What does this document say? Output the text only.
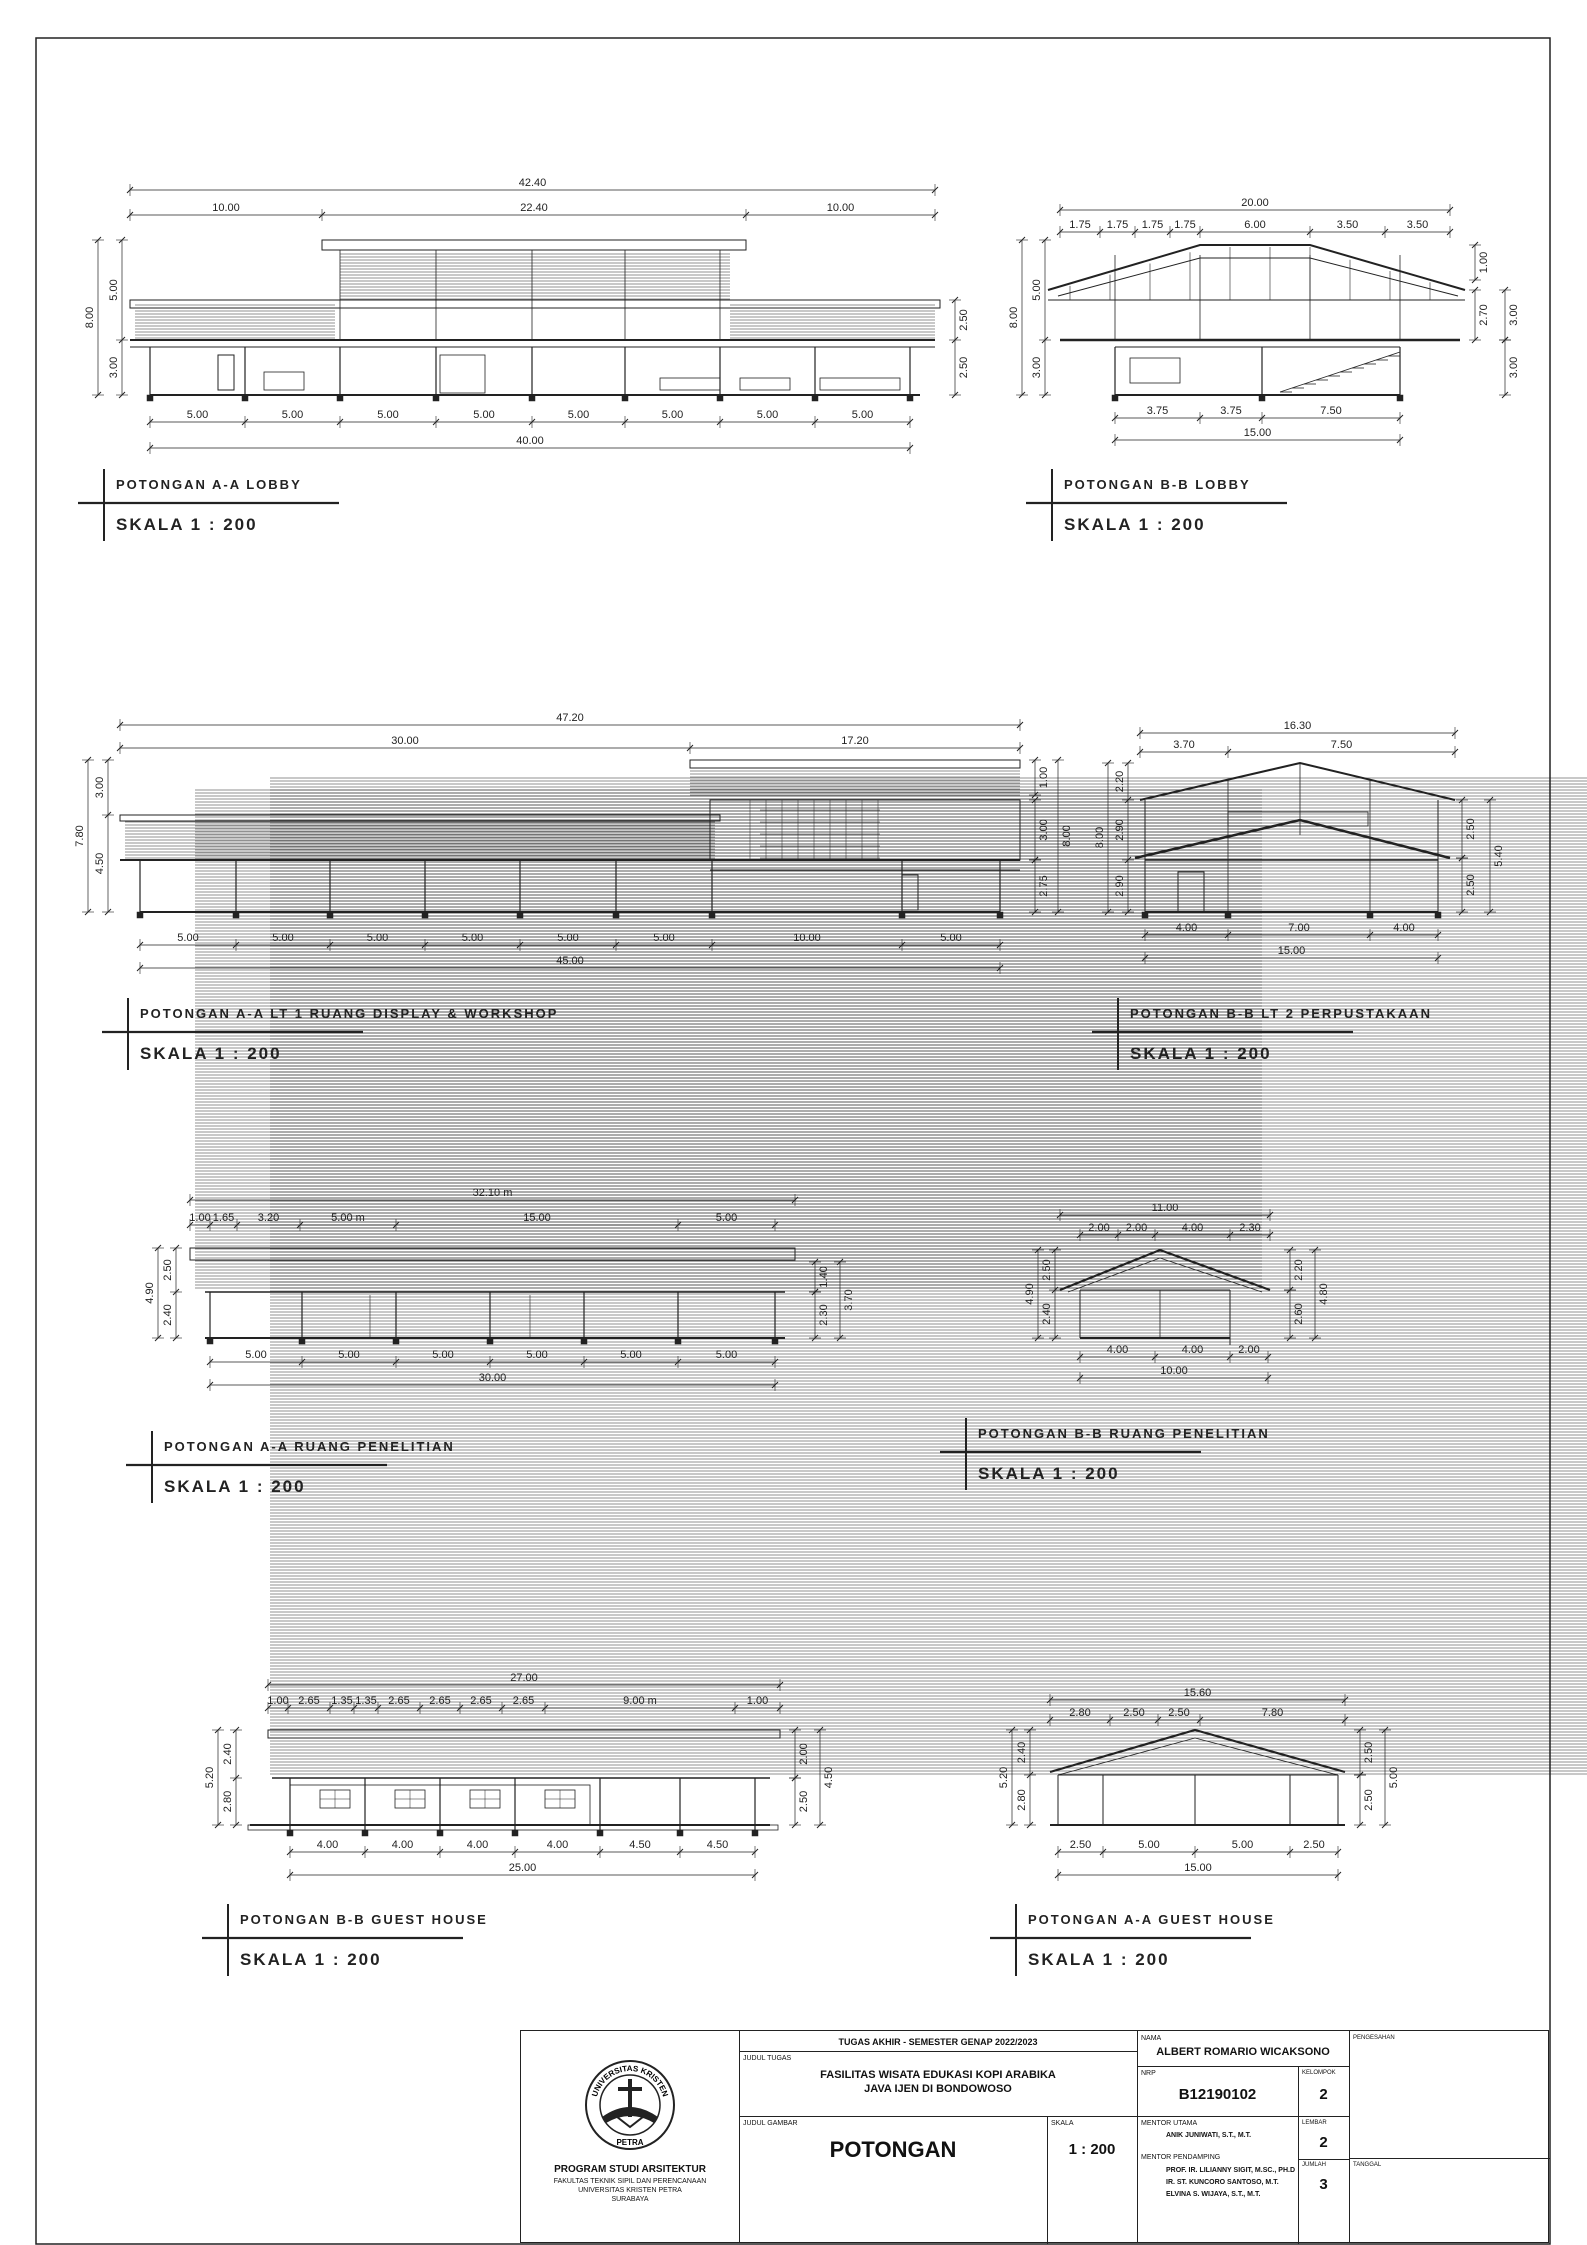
42.40
10.00	22.40	10.00
5.00	5.00	5.00	5.00	5.00	5.00	5.00	5.00
40.00
8.00
5.00
3.00
2.50
2.50
20.00
1.75 1.75 1.75 1.75	6.00	3.50	3.50
3.75	3.75	7.50
15.00
8.00
5.00
3.00
1.00
2.70 3.00
3.00
47.20
30.00	17.20
5.00	5.00	5.00	5.00	5.00	5.00	10.00	5.00
45.00
7.80
3.00
4.50
1.00
3.00 8.00
2.75
16.30
3.70	7.50
4.00	7.00	4.00
15.00
8.00
2.20
2.90
2.90
2.50
5.40
2.50
32.10 m
1.00 1.65 3.20	5.00 m	15.00	5.00
5.00	5.00	5.00	5.00	5.00	5.00
30.00
4.90
2.50
2.40
1.40
2.30
3.70
11.00
2.00 2.00	4.00	2.30
4.00	4.00	2.00
10.00
4.90
2.50
2.40
2.20
2.60
4.80
27.00
1.00 2.65 1.35 1.35 2.65 2.65 2.65 2.65	9.00 m	1.00
4.00	4.00	4.00	4.00	4.50	4.50
25.00
5.20
2.40
2.80
2.00
2.50
4.50
15.60
2.80	2.50 2.50	7.80
2.50	5.00	5.00	2.50
15.00
5.20
2.40
2.80
2.50
2.50
5.00
POTONGAN A-A LOBBY
SKALA 1 : 200
POTONGAN B-B LOBBY
SKALA 1 : 200
POTONGAN A-A LT 1 RUANG DISPLAY & WORKSHOP
SKALA 1 : 200
POTONGAN B-B LT 2 PERPUSTAKAAN
SKALA 1 : 200
POTONGAN A-A RUANG PENELITIAN
SKALA 1 : 200
POTONGAN B-B RUANG PENELITIAN
SKALA 1 : 200
POTONGAN B-B GUEST HOUSE
SKALA 1 : 200
POTONGAN A-A GUEST HOUSE
SKALA 1 : 200
UNIVERSITAS KRISTEN
PETRA
PROGRAM STUDI ARSITEKTUR
FAKULTAS TEKNIK SIPIL DAN PERENCANAAN
UNIVERSITAS KRISTEN PETRA
SURABAYA
TUGAS AKHIR - SEMESTER GENAP 2022/2023
JUDUL TUGAS
FASILITAS WISATA EDUKASI KOPI ARABIKA
JAVA IJEN DI BONDOWOSO
JUDUL GAMBAR
POTONGAN
SKALA
1 : 200
NAMA
ALBERT ROMARIO WICAKSONO
NRP
B12190102
KELOMPOK
2
MENTOR UTAMA
ANIK JUNIWATI, S.T., M.T.
MENTOR PENDAMPING
PROF. IR. LILIANNY SIGIT, M.SC., PH.D
IR. ST. KUNCORO SANTOSO, M.T.
ELVINA S. WIJAYA, S.T., M.T.
LEMBAR
2
JUMLAH
3
PENGESAHAN
TANGGAL
